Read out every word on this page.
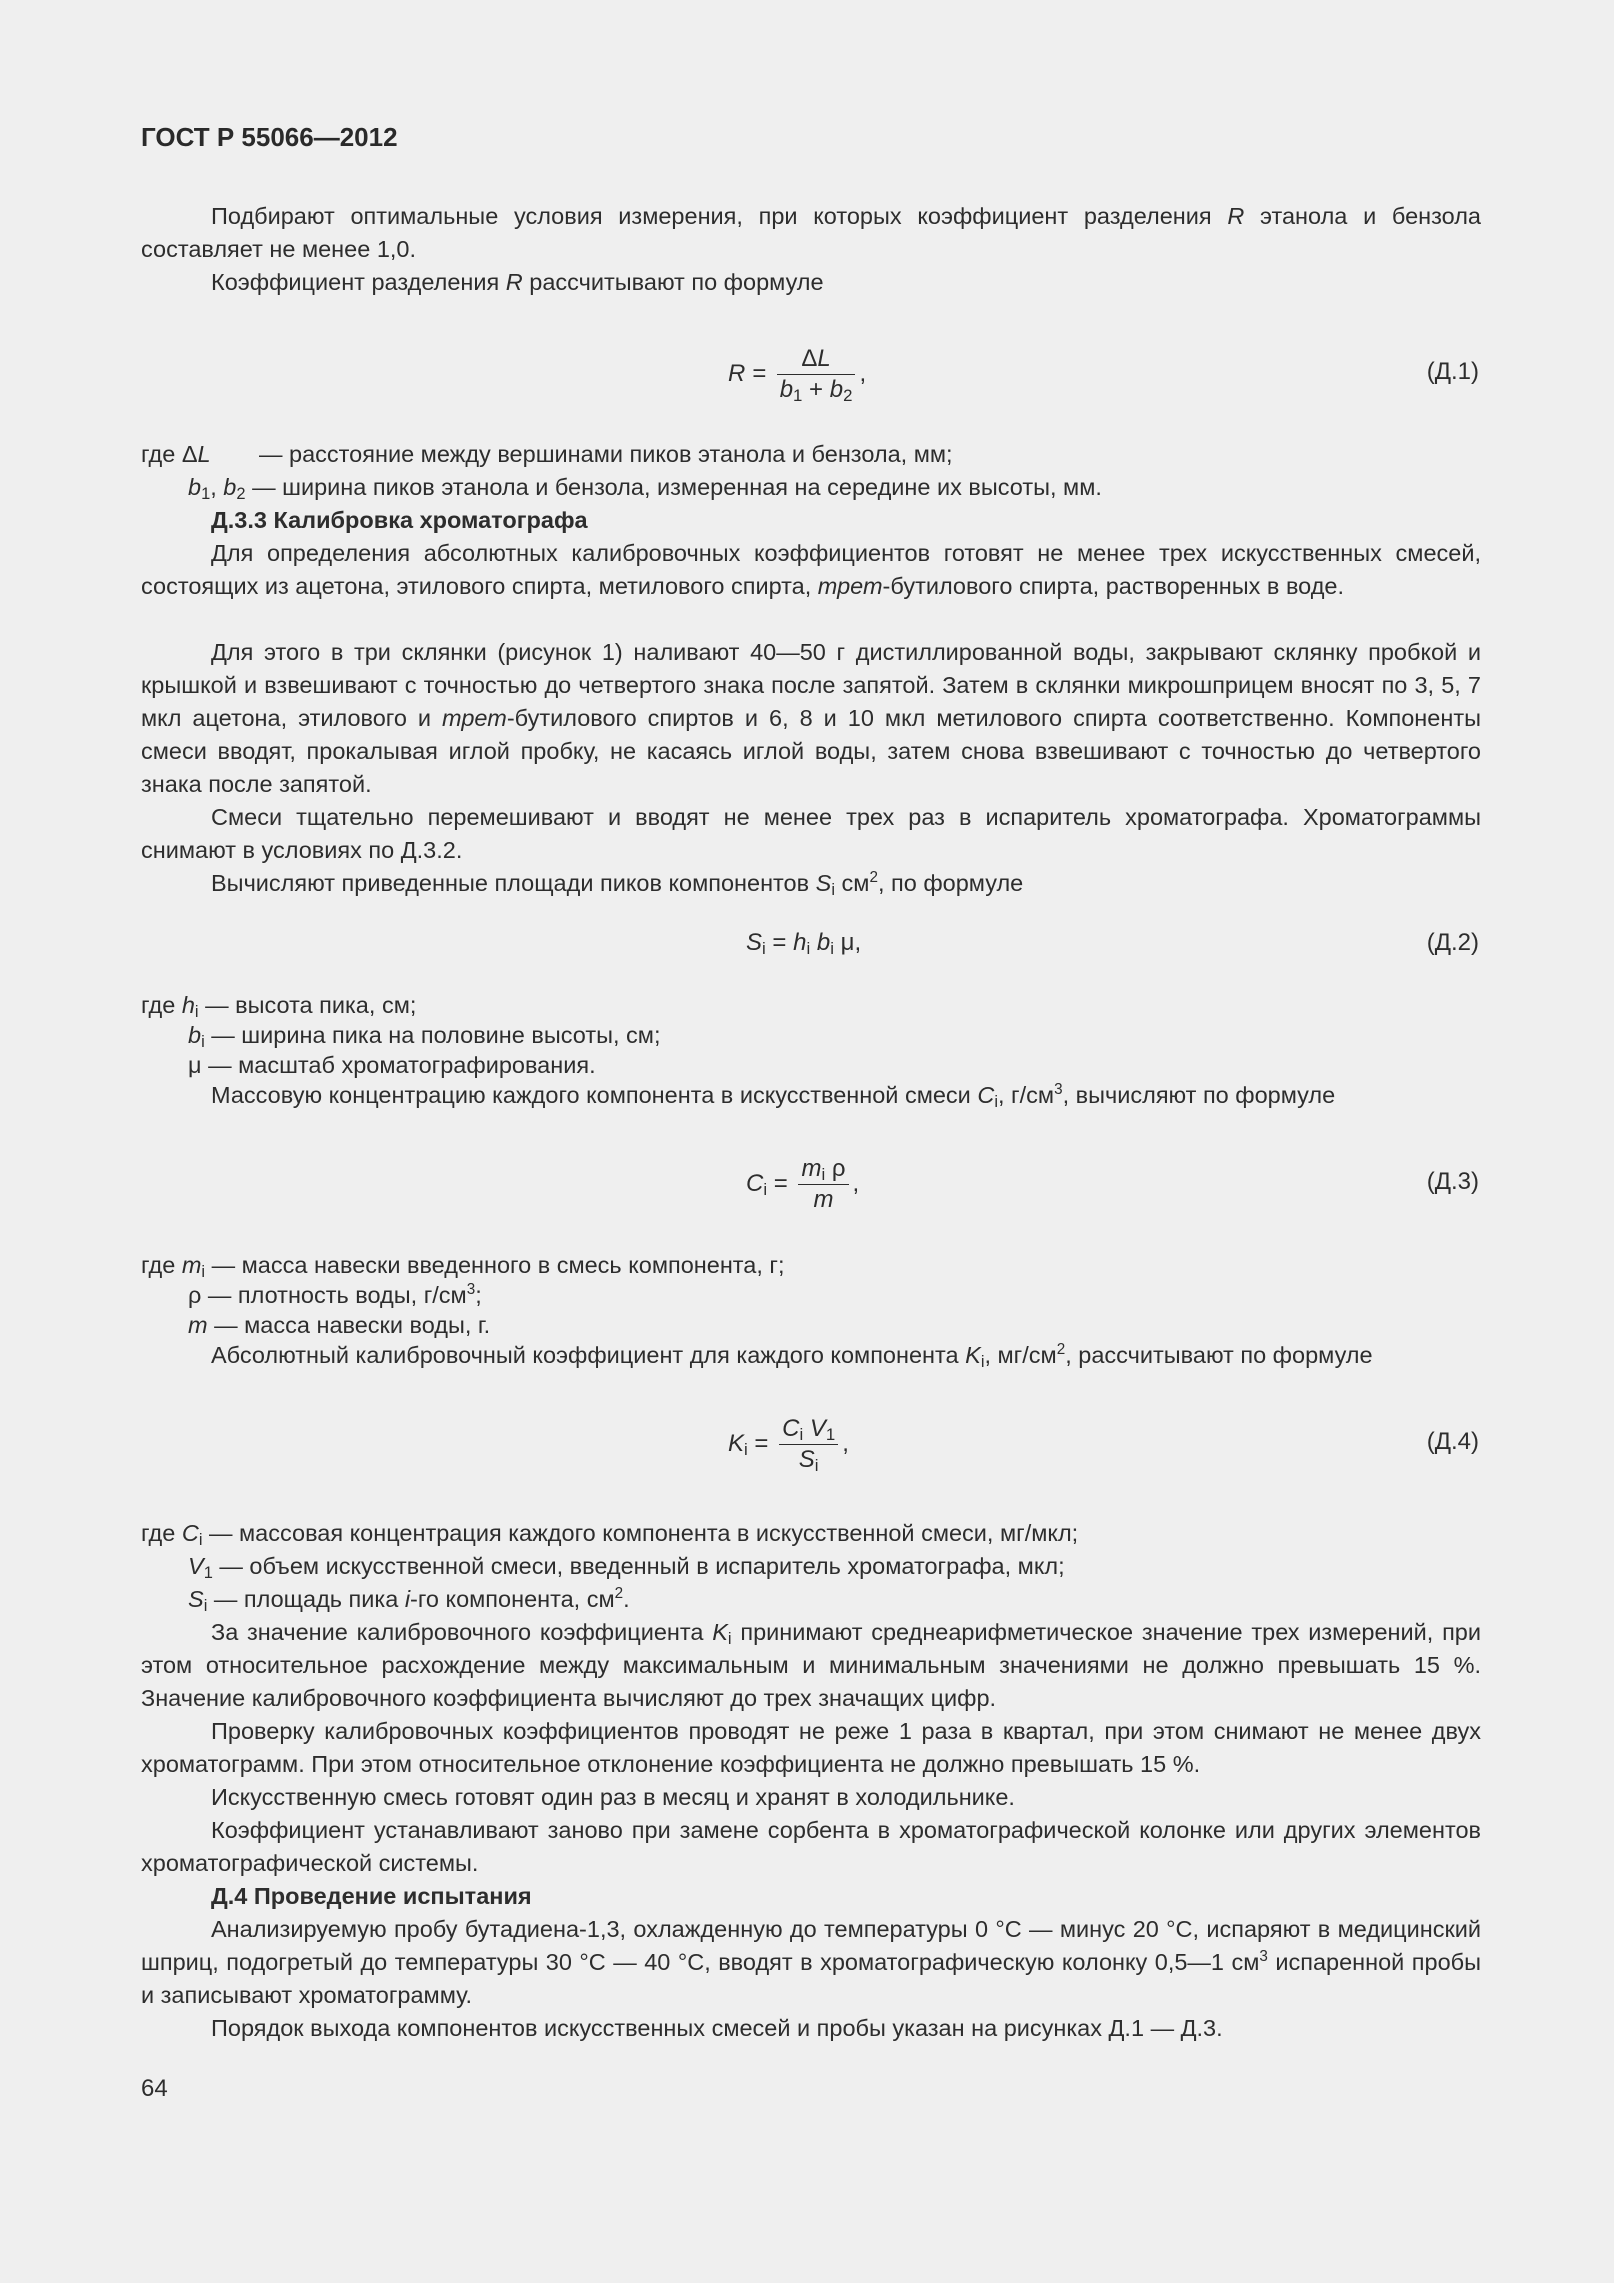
ГОСТ Р 55066—2012
Подбирают оптимальные условия измерения, при которых коэффициент разделения R этанола и бензола составляет не менее 1,0.
Коэффициент разделения R рассчитывают по формуле
$R = \frac{\Delta L}{b_1 + b_2}$ ,	(Д.1)
где ΔL — расстояние между вершинами пиков этанола и бензола, мм;
$b_1$, $b_2$ — ширина пиков этанола и бензола, измеренная на середине их высоты, мм.
Д.3.3 Калибровка хроматографа
Для определения абсолютных калибровочных коэффициентов готовят не менее трех искусственных смесей, состоящих из ацетона, этилового спирта, метилового спирта, трет-бутилового спирта, растворенных в воде.
Для этого в три склянки (рисунок 1) наливают 40—50 г дистиллированной воды, закрывают склянку пробкой и крышкой и взвешивают с точностью до четвертого знака после запятой. Затем в склянки микрошприцем вносят по 3, 5, 7 мкл ацетона, этилового и трет-бутилового спиртов и 6, 8 и 10 мкл метилового спирта соответственно. Компоненты смеси вводят, прокалывая иглой пробку, не касаясь иглой воды, затем снова взвешивают с точностью до четвертого знака после запятой.
Смеси тщательно перемешивают и вводят не менее трех раз в испаритель хроматографа. Хроматограммы снимают в условиях по Д.3.2.
Вычисляют приведенные площади пиков компонентов $S_i$ $см^2$, по формуле
$S_i = h_i$ $b_i$ μ,	(Д.2)
где $h_i$ — высота пика, см;
$b_i$ — ширина пика на половине высоты, см;
μ — масштаб хроматографирования.
Массовую концентрацию каждого компонента в искусственной смеси $C_i$, $г/см^3$, вычисляют по формуле
$C_i = \frac{m_i \rho}{m}$ ,	(Д.3)
где $m_i$ — масса навески введенного в смесь компонента, г;
ρ — плотность воды, $г/см^3$;
m — масса навески воды, г.
Абсолютный калибровочный коэффициент для каждого компонента $K_i$, $мг/см^2$, рассчитывают по формуле
$K_i = \frac{C_i V_1}{S_i}$ ,	(Д.4)
где $C_i$ — массовая концентрация каждого компонента в искусственной смеси, мг/мкл;
$V_1$ — объем искусственной смеси, введенный в испаритель хроматографа, мкл;
$S_i$ — площадь пика i-го компонента, $см^2$.
За значение калибровочного коэффициента $K_i$ принимают среднеарифметическое значение трех измерений, при этом относительное расхождение между максимальным и минимальным значениями не должно превышать 15 %. Значение калибровочного коэффициента вычисляют до трех значащих цифр.
Проверку калибровочных коэффициентов проводят не реже 1 раза в квартал, при этом снимают не менее двух хроматограмм. При этом относительное отклонение коэффициента не должно превышать 15 %.
Искусственную смесь готовят один раз в месяц и хранят в холодильнике.
Коэффициент устанавливают заново при замене сорбента в хроматографической колонке или других элементов хроматографической системы.
Д.4 Проведение испытания
Анализируемую пробу бутадиена-1,3, охлажденную до температуры 0 °С — минус 20 °С, испаряют в медицинский шприц, подогретый до температуры 30 °С — 40 °С, вводят в хроматографическую колонку 0,5—1 $см^3$ испаренной пробы и записывают хроматограмму.
Порядок выхода компонентов искусственных смесей и пробы указан на рисунках Д.1 — Д.3.
64
